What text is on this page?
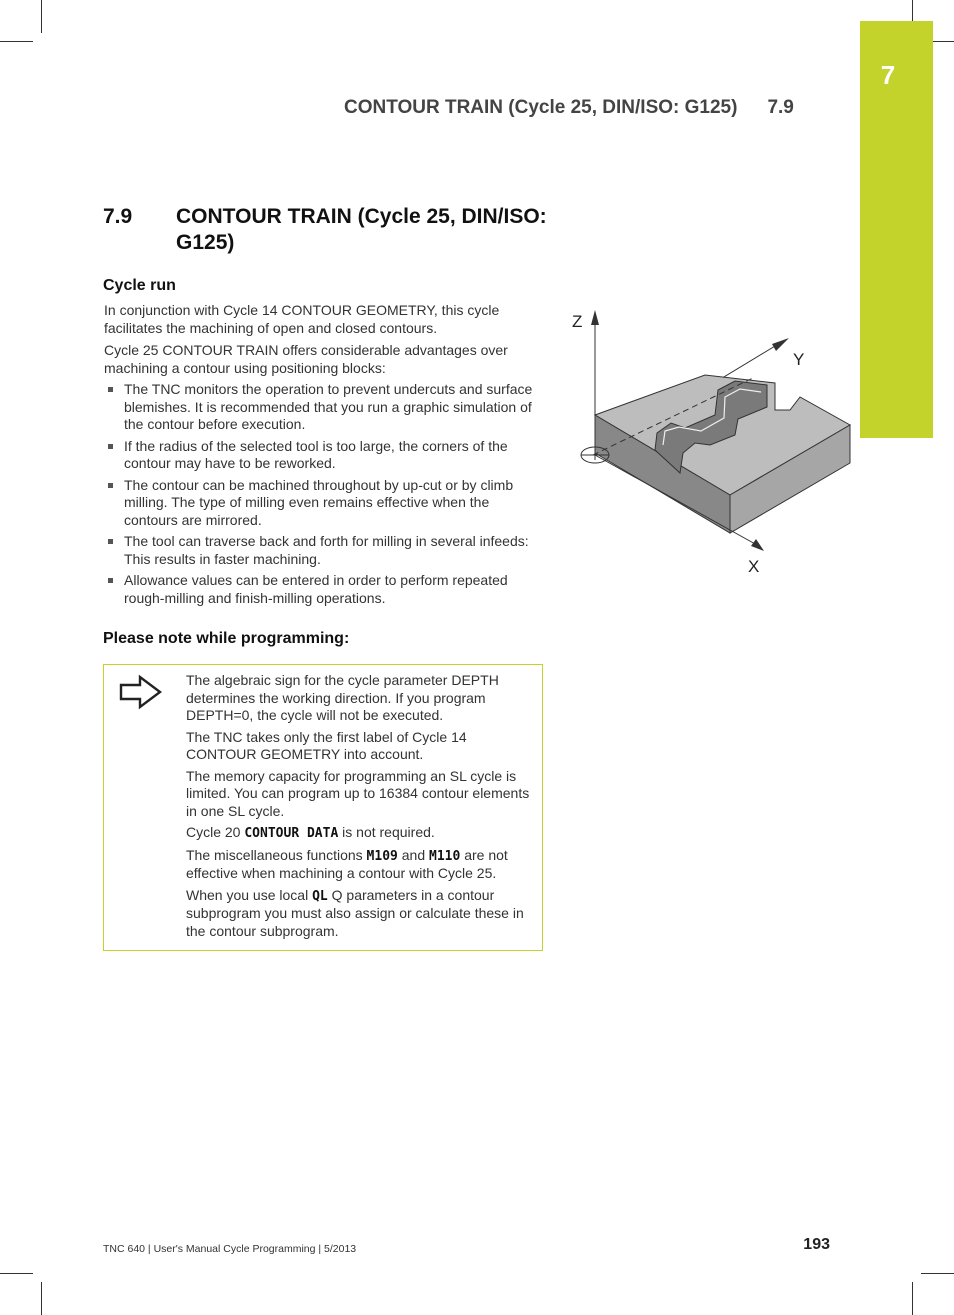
7
CONTOUR TRAIN (Cycle 25, DIN/ISO: G125) 7.9
7.9 CONTOUR TRAIN (Cycle 25, DIN/ISO: G125)
Cycle run

In conjunction with Cycle 14 CONTOUR GEOMETRY, this cycle facilitates the machining of open and closed contours.

Cycle 25 CONTOUR TRAIN offers considerable advantages over machining a contour using positioning blocks:

The TNC monitors the operation to prevent undercuts and surface blemishes. It is recommended that you run a graphic simulation of the contour before execution.
If the radius of the selected tool is too large, the corners of the contour may have to be reworked.
The contour can be machined throughout by up-cut or by climb milling. The type of milling even remains effective when the contours are mirrored.
The tool can traverse back and forth for milling in several infeeds: This results in faster machining.
Allowance values can be entered in order to perform repeated rough-milling and finish-milling operations.
Z
Y
X
Please note while programming:

The algebraic sign for the cycle parameter DEPTH determines the working direction. If you program DEPTH=0, the cycle will not be executed.

The TNC takes only the first label of Cycle 14 CONTOUR GEOMETRY into account.

The memory capacity for programming an SL cycle is limited. You can program up to 16384 contour elements in one SL cycle.

Cycle 20 CONTOUR DATA is not required.

The miscellaneous functions M109 and M110 are not effective when machining a contour with Cycle 25.

When you use local QL Q parameters in a contour subprogram you must also assign or calculate these in the contour subprogram.

TNC 640 | User's Manual Cycle Programming | 5/2013	193
